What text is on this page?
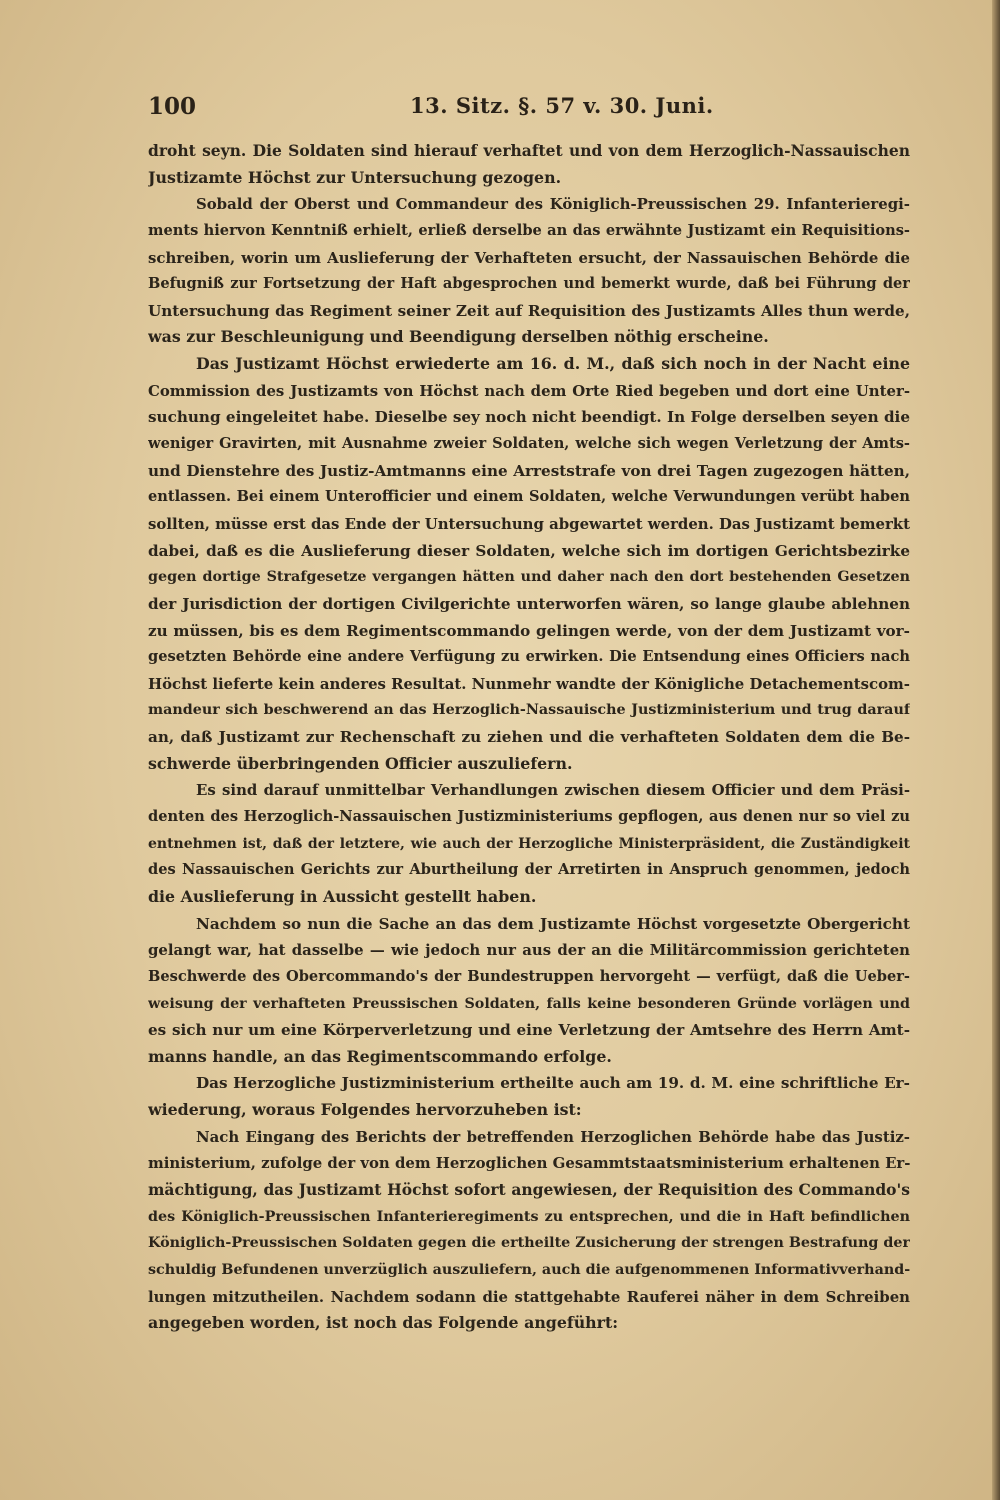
100	13. Sitz. §. 57 v. 30. Juni.
droht seyn. Die Soldaten sind hierauf verhaftet und von dem Herzoglich-Nassauischen
Justizamte Höchst zur Untersuchung gezogen.
Sobald der Oberst und Commandeur des Königlich-Preussischen 29. Infanterieregi-
ments hiervon Kenntniß erhielt, erließ derselbe an das erwähnte Justizamt ein Requisitions-
schreiben, worin um Auslieferung der Verhafteten ersucht, der Nassauischen Behörde die
Befugniß zur Fortsetzung der Haft abgesprochen und bemerkt wurde, daß bei Führung der
Untersuchung das Regiment seiner Zeit auf Requisition des Justizamts Alles thun werde,
was zur Beschleunigung und Beendigung derselben nöthig erscheine.
Das Justizamt Höchst erwiederte am 16. d. M., daß sich noch in der Nacht eine
Commission des Justizamts von Höchst nach dem Orte Ried begeben und dort eine Unter-
suchung eingeleitet habe. Dieselbe sey noch nicht beendigt. In Folge derselben seyen die
weniger Gravirten, mit Ausnahme zweier Soldaten, welche sich wegen Verletzung der Amts-
und Dienstehre des Justiz-Amtmanns eine Arreststrafe von drei Tagen zugezogen hätten,
entlassen. Bei einem Unterofficier und einem Soldaten, welche Verwundungen verübt haben
sollten, müsse erst das Ende der Untersuchung abgewartet werden. Das Justizamt bemerkt
dabei, daß es die Auslieferung dieser Soldaten, welche sich im dortigen Gerichtsbezirke
gegen dortige Strafgesetze vergangen hätten und daher nach den dort bestehenden Gesetzen
der Jurisdiction der dortigen Civilgerichte unterworfen wären, so lange glaube ablehnen
zu müssen, bis es dem Regimentscommando gelingen werde, von der dem Justizamt vor-
gesetzten Behörde eine andere Verfügung zu erwirken. Die Entsendung eines Officiers nach
Höchst lieferte kein anderes Resultat. Nunmehr wandte der Königliche Detachementscom-
mandeur sich beschwerend an das Herzoglich-Nassauische Justizministerium und trug darauf
an, daß Justizamt zur Rechenschaft zu ziehen und die verhafteten Soldaten dem die Be-
schwerde überbringenden Officier auszuliefern.
Es sind darauf unmittelbar Verhandlungen zwischen diesem Officier und dem Präsi-
denten des Herzoglich-Nassauischen Justizministeriums gepflogen, aus denen nur so viel zu
entnehmen ist, daß der letztere, wie auch der Herzogliche Ministerpräsident, die Zuständigkeit
des Nassauischen Gerichts zur Aburtheilung der Arretirten in Anspruch genommen, jedoch
die Auslieferung in Aussicht gestellt haben.
Nachdem so nun die Sache an das dem Justizamte Höchst vorgesetzte Obergericht
gelangt war, hat dasselbe — wie jedoch nur aus der an die Militärcommission gerichteten
Beschwerde des Obercommando's der Bundestruppen hervorgeht — verfügt, daß die Ueber-
weisung der verhafteten Preussischen Soldaten, falls keine besonderen Gründe vorlägen und
es sich nur um eine Körperverletzung und eine Verletzung der Amtsehre des Herrn Amt-
manns handle, an das Regimentscommando erfolge.
Das Herzogliche Justizministerium ertheilte auch am 19. d. M. eine schriftliche Er-
wiederung, woraus Folgendes hervorzuheben ist:
Nach Eingang des Berichts der betreffenden Herzoglichen Behörde habe das Justiz-
ministerium, zufolge der von dem Herzoglichen Gesammtstaatsministerium erhaltenen Er-
mächtigung, das Justizamt Höchst sofort angewiesen, der Requisition des Commando's
des Königlich-Preussischen Infanterieregiments zu entsprechen, und die in Haft befindlichen
Königlich-Preussischen Soldaten gegen die ertheilte Zusicherung der strengen Bestrafung der
schuldig Befundenen unverzüglich auszuliefern, auch die aufgenommenen Informativverhand-
lungen mitzutheilen. Nachdem sodann die stattgehabte Rauferei näher in dem Schreiben
angegeben worden, ist noch das Folgende angeführt:
